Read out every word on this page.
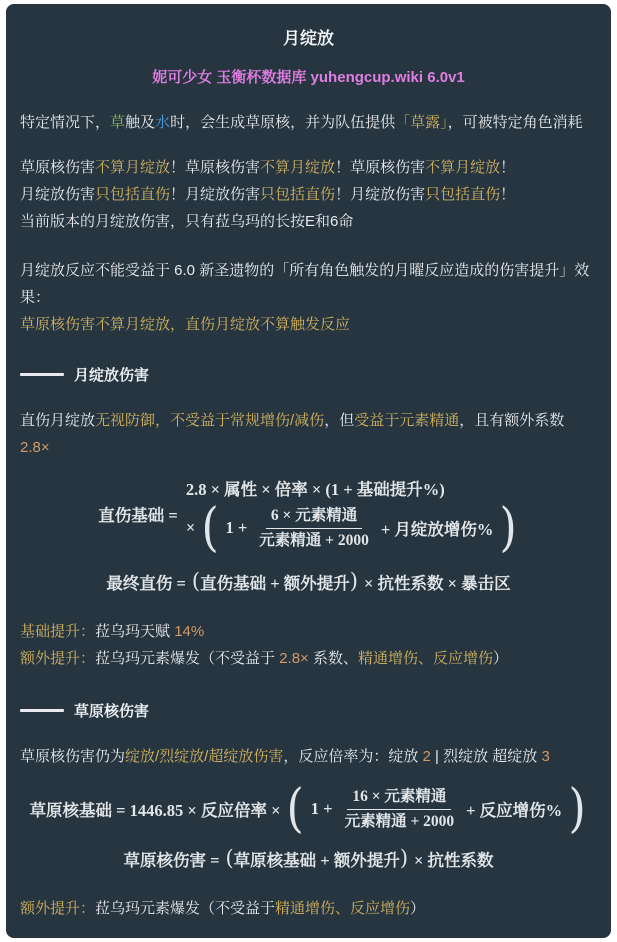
月绽放
妮可少女 玉衡杯数据库 yuhengcup.wiki 6.0v1

特定情况下，草触及水时，会生成草原核，并为队伍提供「草露」，可被特定角色消耗

草原核伤害不算月绽放！草原核伤害不算月绽放！草原核伤害不算月绽放！
月绽放伤害只包括直伤！月绽放伤害只包括直伤！月绽放伤害只包括直伤！
当前版本的月绽放伤害，只有菈乌玛的长按E和6命
月绽放反应不能受益于 6.0 新圣遗物的「所有角色触发的月曜反应造成的伤害提升」效果：
草原核伤害不算月绽放，直伤月绽放不算触发反应
月绽放伤害

直伤月绽放无视防御，不受益于常规增伤/减伤，但受益于元素精通，且有额外系数 2.8×

直伤基础 =
2.8 × 属性 × 倍率 × (1 + 基础提升%)
× ( $1 + \frac{\text{6 × 元素精通}}{\text{元素精通 + 2000}}$ + 月绽放增伤% )
最终直伤 = ( 直伤基础 + 额外提升 ) × 抗性系数 × 暴击区
基础提升：菈乌玛天赋 14%
额外提升：菈乌玛元素爆发（不受益于 2.8× 系数、精通增伤、反应增伤）
草原核伤害

草原核伤害仍为绽放/烈绽放/超绽放伤害，反应倍率为：绽放 2 | 烈绽放 超绽放 3

草原核基础 = 1446.85 × 反应倍率 × ( $1 + \frac{\text{16 × 元素精通}}{\text{元素精通 + 2000}}$ + 反应增伤% )
草原核伤害 = ( 草原核基础 + 额外提升 ) × 抗性系数

额外提升：菈乌玛元素爆发（不受益于精通增伤、反应增伤）
